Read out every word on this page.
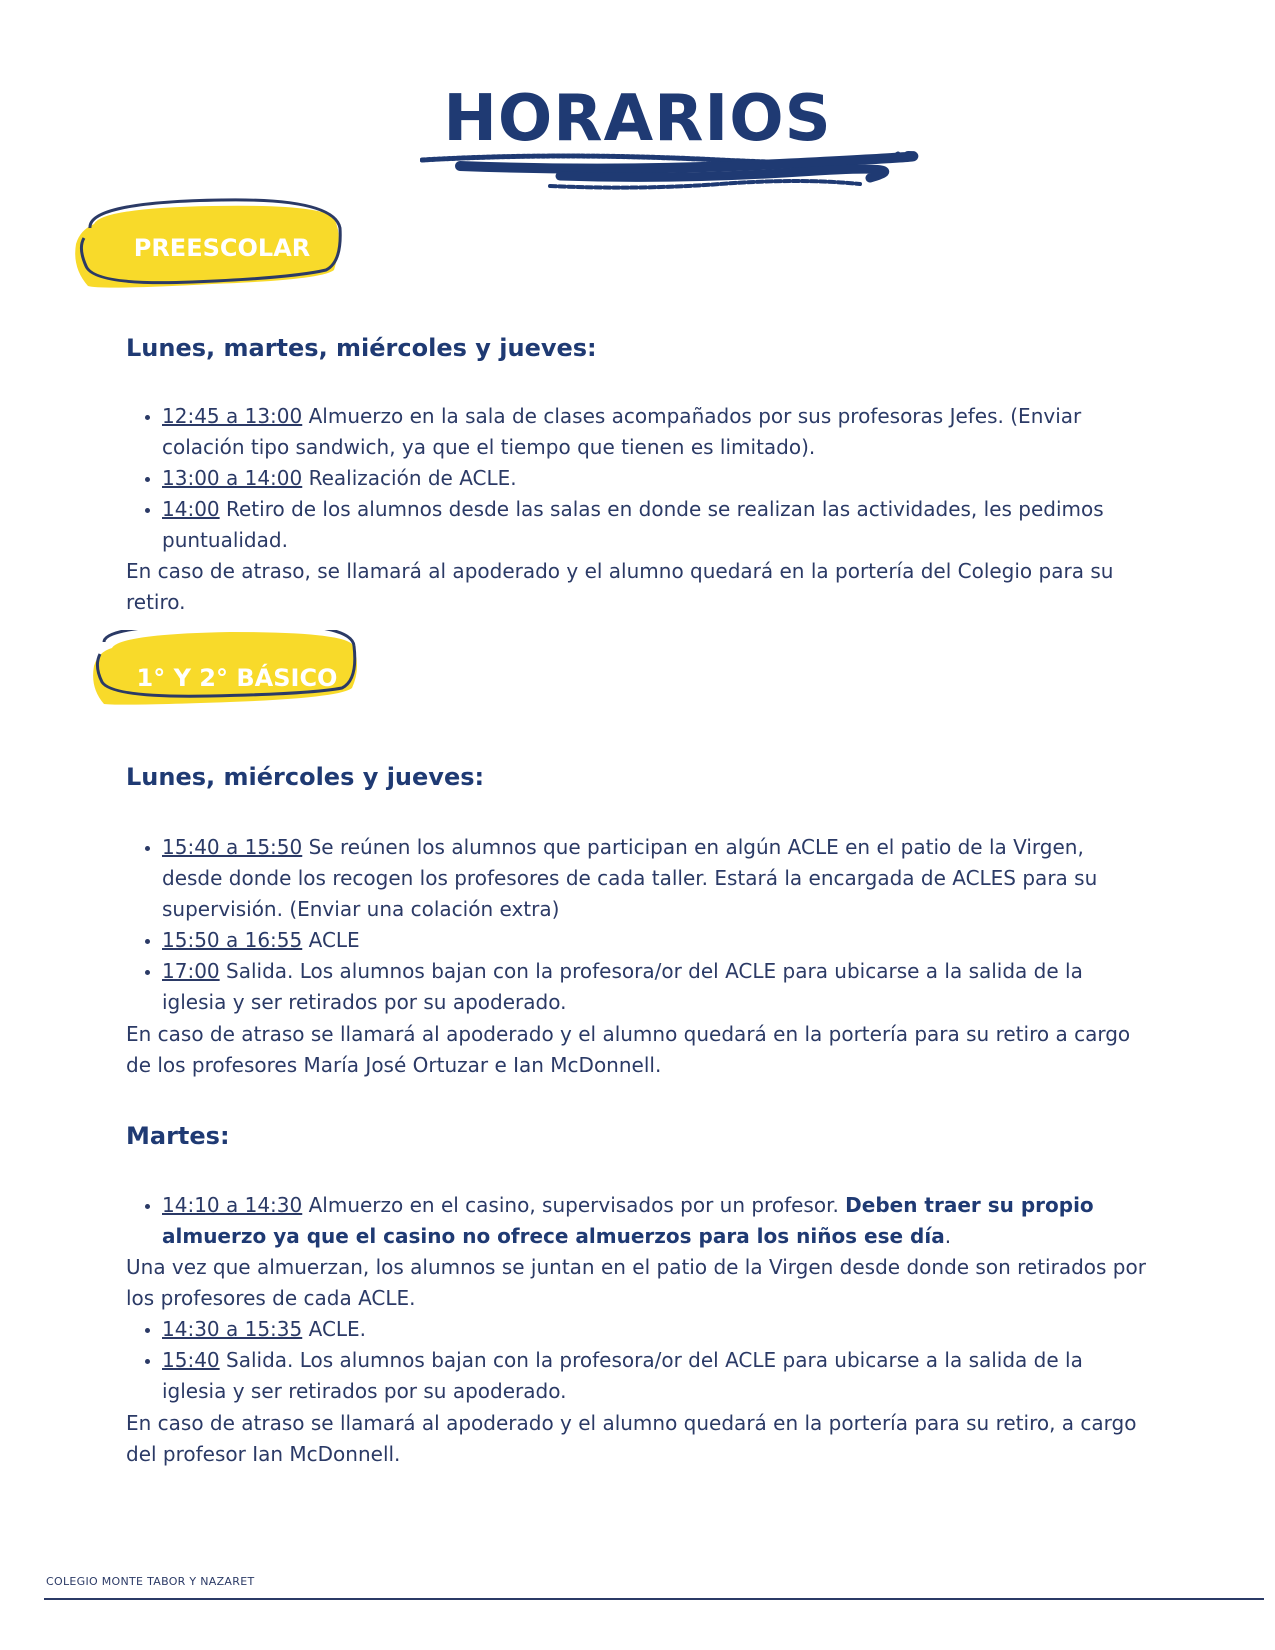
HORARIOS
PREESCOLAR
1° Y 2° BÁSICO
Lunes, martes, miércoles y jueves:
• 12:45 a 13:00 Almuerzo en la sala de clases acompañados por sus profesoras Jefes. (Enviar colación tipo sandwich, ya que el tiempo que tienen es limitado).
• 13:00 a 14:00 Realización de ACLE.
• 14:00 Retiro de los alumnos desde las salas en donde se realizan las actividades, les pedimos puntualidad.

En caso de atraso, se llamará al apoderado y el alumno quedará en la portería del Colegio para su retiro.

Lunes, miércoles y jueves:
• 15:40 a 15:50 Se reúnen los alumnos que participan en algún ACLE en el patio de la Virgen, desde donde los recogen los profesores de cada taller. Estará la encargada de ACLES para su supervisión. (Enviar una colación extra)
• 15:50 a 16:55 ACLE
• 17:00 Salida. Los alumnos bajan con la profesora/or del ACLE para ubicarse a la salida de la iglesia y ser retirados por su apoderado.

En caso de atraso se llamará al apoderado y el alumno quedará en la portería para su retiro a cargo de los profesores María José Ortuzar e Ian McDonnell.

Martes:
• 14:10 a 14:30 Almuerzo en el casino, supervisados por un profesor. Deben traer su propio almuerzo ya que el casino no ofrece almuerzos para los niños ese día.

Una vez que almuerzan, los alumnos se juntan en el patio de la Virgen desde donde son retirados por los profesores de cada ACLE.

• 14:30 a 15:35 ACLE.
• 15:40 Salida. Los alumnos bajan con la profesora/or del ACLE para ubicarse a la salida de la iglesia y ser retirados por su apoderado.

En caso de atraso se llamará al apoderado y el alumno quedará en la portería para su retiro, a cargo del profesor Ian McDonnell.

COLEGIO MONTE TABOR Y NAZARET
